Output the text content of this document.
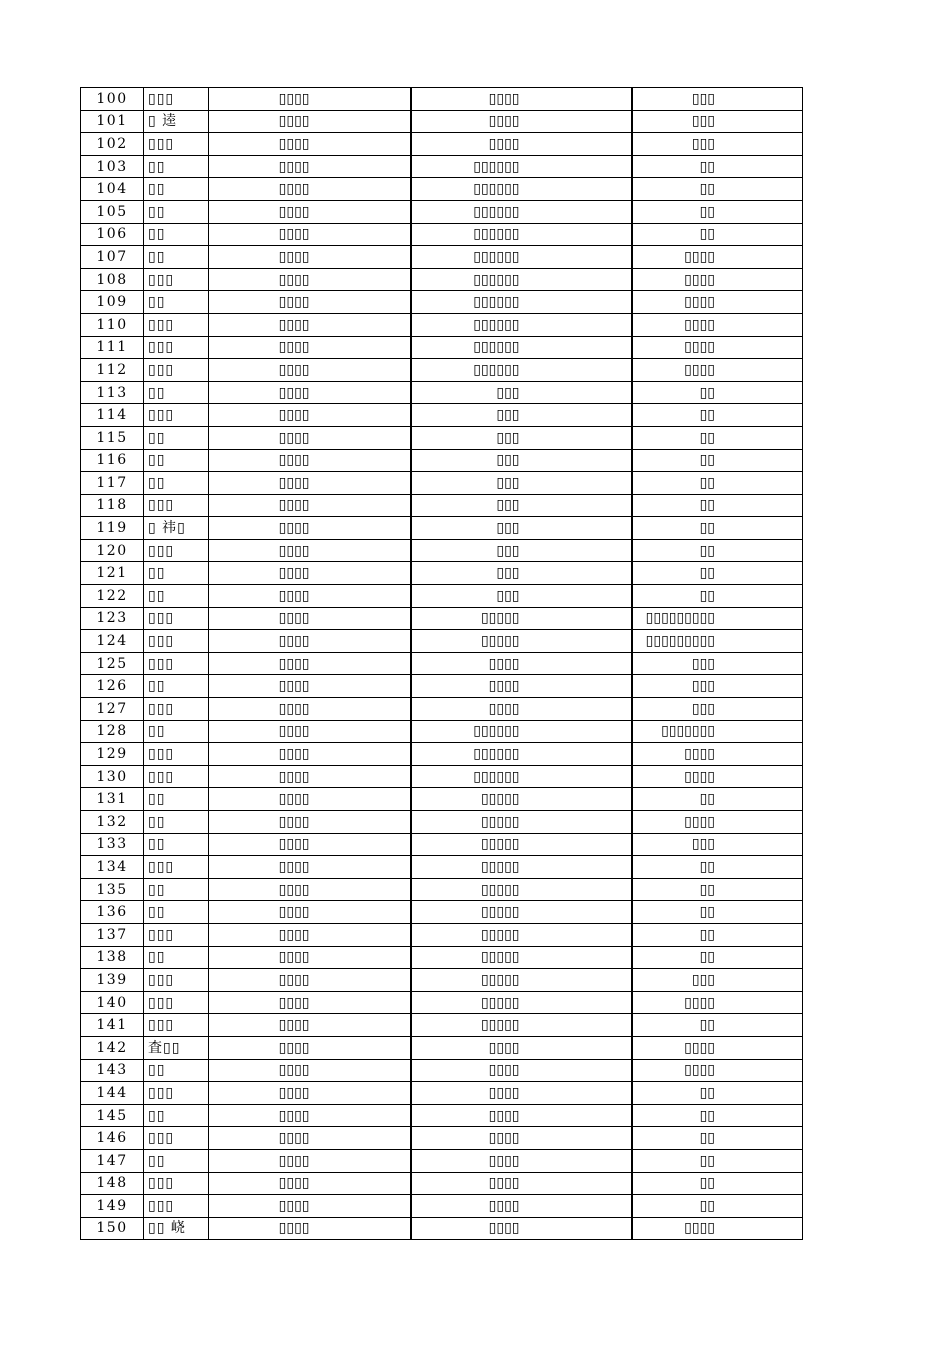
100	▯▯▯	▯▯▯▯	▯▯▯▯	▯▯▯
101	▯ 逵	▯▯▯▯	▯▯▯▯	▯▯▯
102	▯▯▯	▯▯▯▯	▯▯▯▯	▯▯▯
103	▯▯	▯▯▯▯	▯▯▯▯▯▯	▯▯
104	▯▯	▯▯▯▯	▯▯▯▯▯▯	▯▯
105	▯▯	▯▯▯▯	▯▯▯▯▯▯	▯▯
106	▯▯	▯▯▯▯	▯▯▯▯▯▯	▯▯
107	▯▯	▯▯▯▯	▯▯▯▯▯▯	▯▯▯▯
108	▯▯▯	▯▯▯▯	▯▯▯▯▯▯	▯▯▯▯
109	▯▯	▯▯▯▯	▯▯▯▯▯▯	▯▯▯▯
110	▯▯▯	▯▯▯▯	▯▯▯▯▯▯	▯▯▯▯
111	▯▯▯	▯▯▯▯	▯▯▯▯▯▯	▯▯▯▯
112	▯▯▯	▯▯▯▯	▯▯▯▯▯▯	▯▯▯▯
113	▯▯	▯▯▯▯	▯▯▯	▯▯
114	▯▯▯	▯▯▯▯	▯▯▯	▯▯
115	▯▯	▯▯▯▯	▯▯▯	▯▯
116	▯▯	▯▯▯▯	▯▯▯	▯▯
117	▯▯	▯▯▯▯	▯▯▯	▯▯
118	▯▯▯	▯▯▯▯	▯▯▯	▯▯
119	▯ 祎▯	▯▯▯▯	▯▯▯	▯▯
120	▯▯▯	▯▯▯▯	▯▯▯	▯▯
121	▯▯	▯▯▯▯	▯▯▯	▯▯
122	▯▯	▯▯▯▯	▯▯▯	▯▯
123	▯▯▯	▯▯▯▯	▯▯▯▯▯	▯▯▯▯▯▯▯▯▯
124	▯▯▯	▯▯▯▯	▯▯▯▯▯	▯▯▯▯▯▯▯▯▯
125	▯▯▯	▯▯▯▯	▯▯▯▯	▯▯▯
126	▯▯	▯▯▯▯	▯▯▯▯	▯▯▯
127	▯▯▯	▯▯▯▯	▯▯▯▯	▯▯▯
128	▯▯	▯▯▯▯	▯▯▯▯▯▯	▯▯▯▯▯▯▯
129	▯▯▯	▯▯▯▯	▯▯▯▯▯▯	▯▯▯▯
130	▯▯▯	▯▯▯▯	▯▯▯▯▯▯	▯▯▯▯
131	▯▯	▯▯▯▯	▯▯▯▯▯	▯▯
132	▯▯	▯▯▯▯	▯▯▯▯▯	▯▯▯▯
133	▯▯	▯▯▯▯	▯▯▯▯▯	▯▯▯
134	▯▯▯	▯▯▯▯	▯▯▯▯▯	▯▯
135	▯▯	▯▯▯▯	▯▯▯▯▯	▯▯
136	▯▯	▯▯▯▯	▯▯▯▯▯	▯▯
137	▯▯▯	▯▯▯▯	▯▯▯▯▯	▯▯
138	▯▯	▯▯▯▯	▯▯▯▯▯	▯▯
139	▯▯▯	▯▯▯▯	▯▯▯▯▯	▯▯▯
140	▯▯▯	▯▯▯▯	▯▯▯▯▯	▯▯▯▯
141	▯▯▯	▯▯▯▯	▯▯▯▯▯	▯▯
142	査▯▯	▯▯▯▯	▯▯▯▯	▯▯▯▯
143	▯▯	▯▯▯▯	▯▯▯▯	▯▯▯▯
144	▯▯▯	▯▯▯▯	▯▯▯▯	▯▯
145	▯▯	▯▯▯▯	▯▯▯▯	▯▯
146	▯▯▯	▯▯▯▯	▯▯▯▯	▯▯
147	▯▯	▯▯▯▯	▯▯▯▯	▯▯
148	▯▯▯	▯▯▯▯	▯▯▯▯	▯▯
149	▯▯▯	▯▯▯▯	▯▯▯▯	▯▯
150	▯▯ 峣	▯▯▯▯	▯▯▯▯	▯▯▯▯
